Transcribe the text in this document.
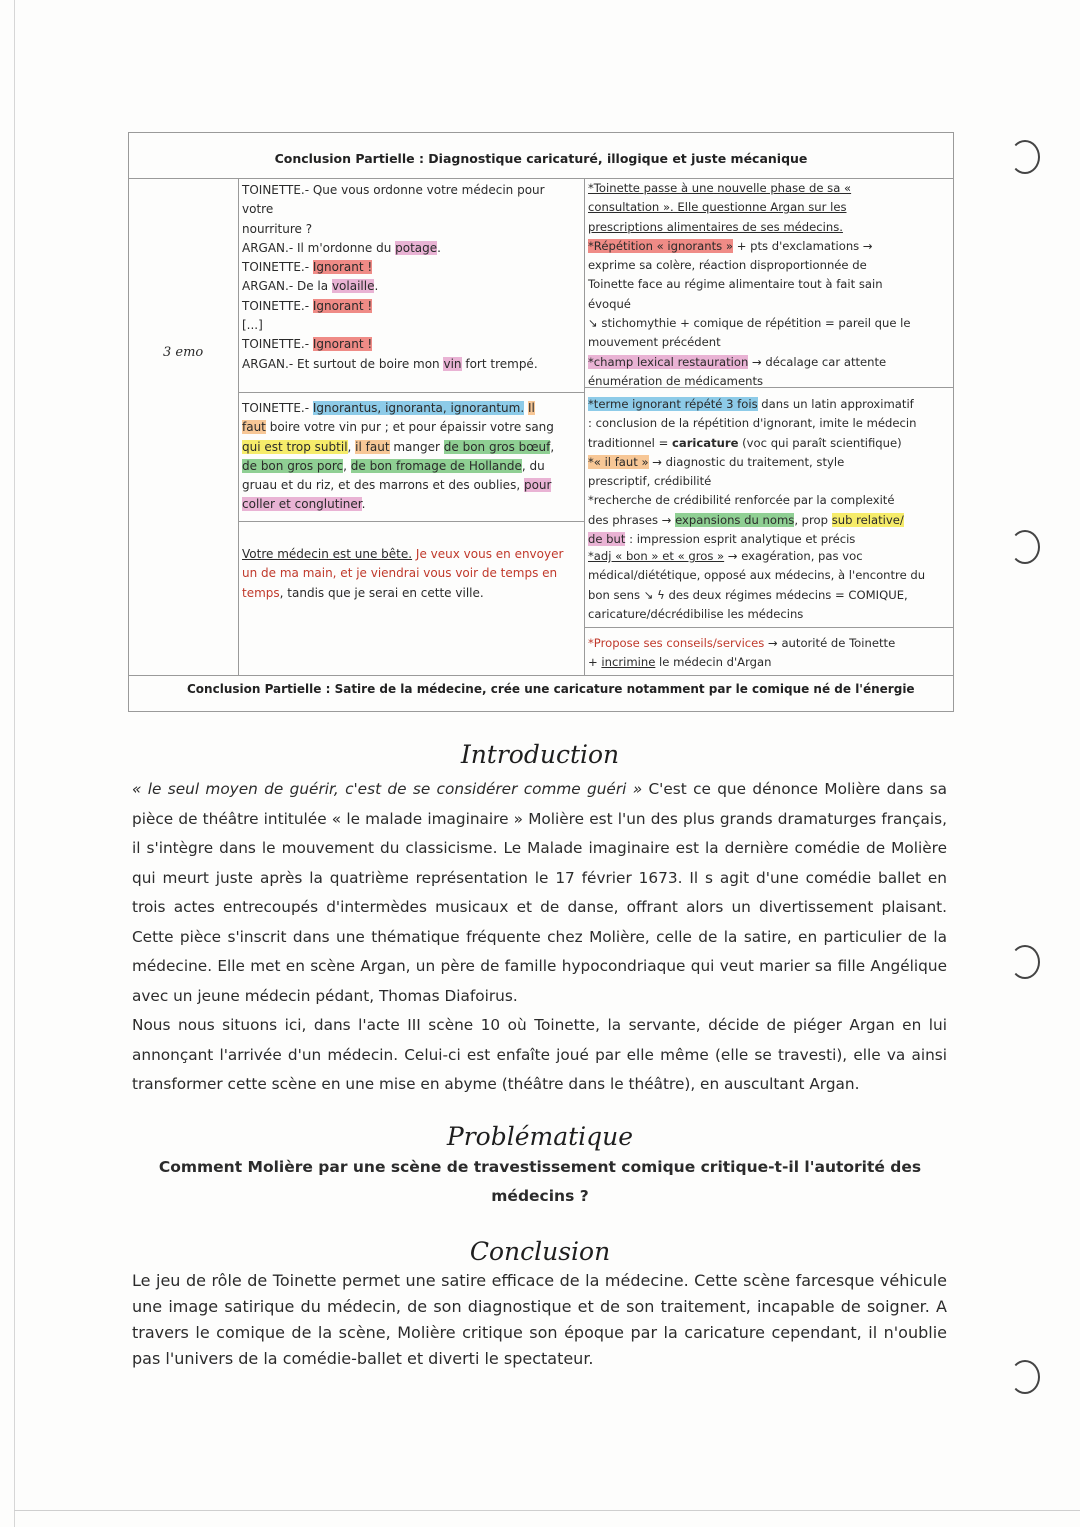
Conclusion Partielle : Diagnostique caricaturé, illogique et juste mécanique
3 emo
TOINETTE.- Que vous ordonne votre médecin pour
votre
nourriture ?
ARGAN.- Il m'ordonne du potage.
TOINETTE.- Ignorant !
ARGAN.- De la volaille.
TOINETTE.- Ignorant !
[...]
TOINETTE.- Ignorant !
ARGAN.- Et surtout de boire mon vin fort trempé.
*Toinette passe à une nouvelle phase de sa «
consultation ». Elle questionne Argan sur les
prescriptions alimentaires de ses médecins.
*Répétition « ignorants » + pts d'exclamations →
exprime sa colère, réaction disproportionnée de
Toinette face au régime alimentaire tout à fait sain
évoqué
↘ stichomythie + comique de répétition = pareil que le
mouvement précédent
*champ lexical restauration → décalage car attente
énumération de médicaments
TOINETTE.- Ignorantus, ignoranta, ignorantum. Il
faut boire votre vin pur ; et pour épaissir votre sang
qui est trop subtil, il faut manger de bon gros bœuf,
de bon gros porc, de bon fromage de Hollande, du
gruau et du riz, et des marrons et des oublies, pour
coller et conglutiner.
*terme ignorant répété 3 fois dans un latin approximatif
: conclusion de la répétition d'ignorant, imite le médecin
traditionnel = caricature (voc qui paraît scientifique)
*« il faut » → diagnostic du traitement, style
prescriptif, crédibilité
*recherche de crédibilité renforcée par la complexité
des phrases → expansions du noms, prop sub relative/
de but : impression esprit analytique et précis
Votre médecin est une bête. Je veux vous en envoyer
un de ma main, et je viendrai vous voir de temps en
temps, tandis que je serai en cette ville.
*adj « bon » et « gros » → exagération, pas voc
médical/diététique, opposé aux médecins, à l'encontre du
bon sens ↘ ϟ des deux régimes médecins = COMIQUE,
caricature/décrédibilise les médecins
*Propose ses conseils/services → autorité de Toinette
+ incrimine le médecin d'Argan
Conclusion Partielle : Satire de la médecine, crée une caricature notamment par le comique né de l'énergie
Introduction

« le seul moyen de guérir, c'est de se considérer comme guéri » C'est ce que dénonce Molière dans sa pièce de théâtre intitulée « le malade imaginaire » Molière est l'un des plus grands dramaturges français, il s'intègre dans le mouvement du classicisme. Le Malade imaginaire est la dernière comédie de Molière qui meurt juste après la quatrième représentation le 17 février 1673. Il s agit d'une comédie ballet en trois actes entrecoupés d'intermèdes musicaux et de danse, offrant alors un divertissement plaisant. Cette pièce s'inscrit dans une thématique fréquente chez Molière, celle de la satire, en particulier de la médecine. Elle met en scène Argan, un père de famille hypocondriaque qui veut marier sa fille Angélique avec un jeune médecin pédant, Thomas Diafoirus.

Nous nous situons ici, dans l'acte III scène 10 où Toinette, la servante, décide de piéger Argan en lui annonçant l'arrivée d'un médecin. Celui-ci est enfaîte joué par elle même (elle se travesti), elle va ainsi transformer cette scène en une mise en abyme (théâtre dans le théâtre), en auscultant Argan.

Problématique
Comment Molière par une scène de travestissement comique critique-t-il l'autorité des médecins ?
Conclusion
Le jeu de rôle de Toinette permet une satire efficace de la médecine. Cette scène farcesque véhicule une image satirique du médecin, de son diagnostique et de son traitement, incapable de soigner. A travers le comique de la scène, Molière critique son époque par la caricature cependant, il n'oublie pas l'univers de la comédie-ballet et diverti le spectateur.
